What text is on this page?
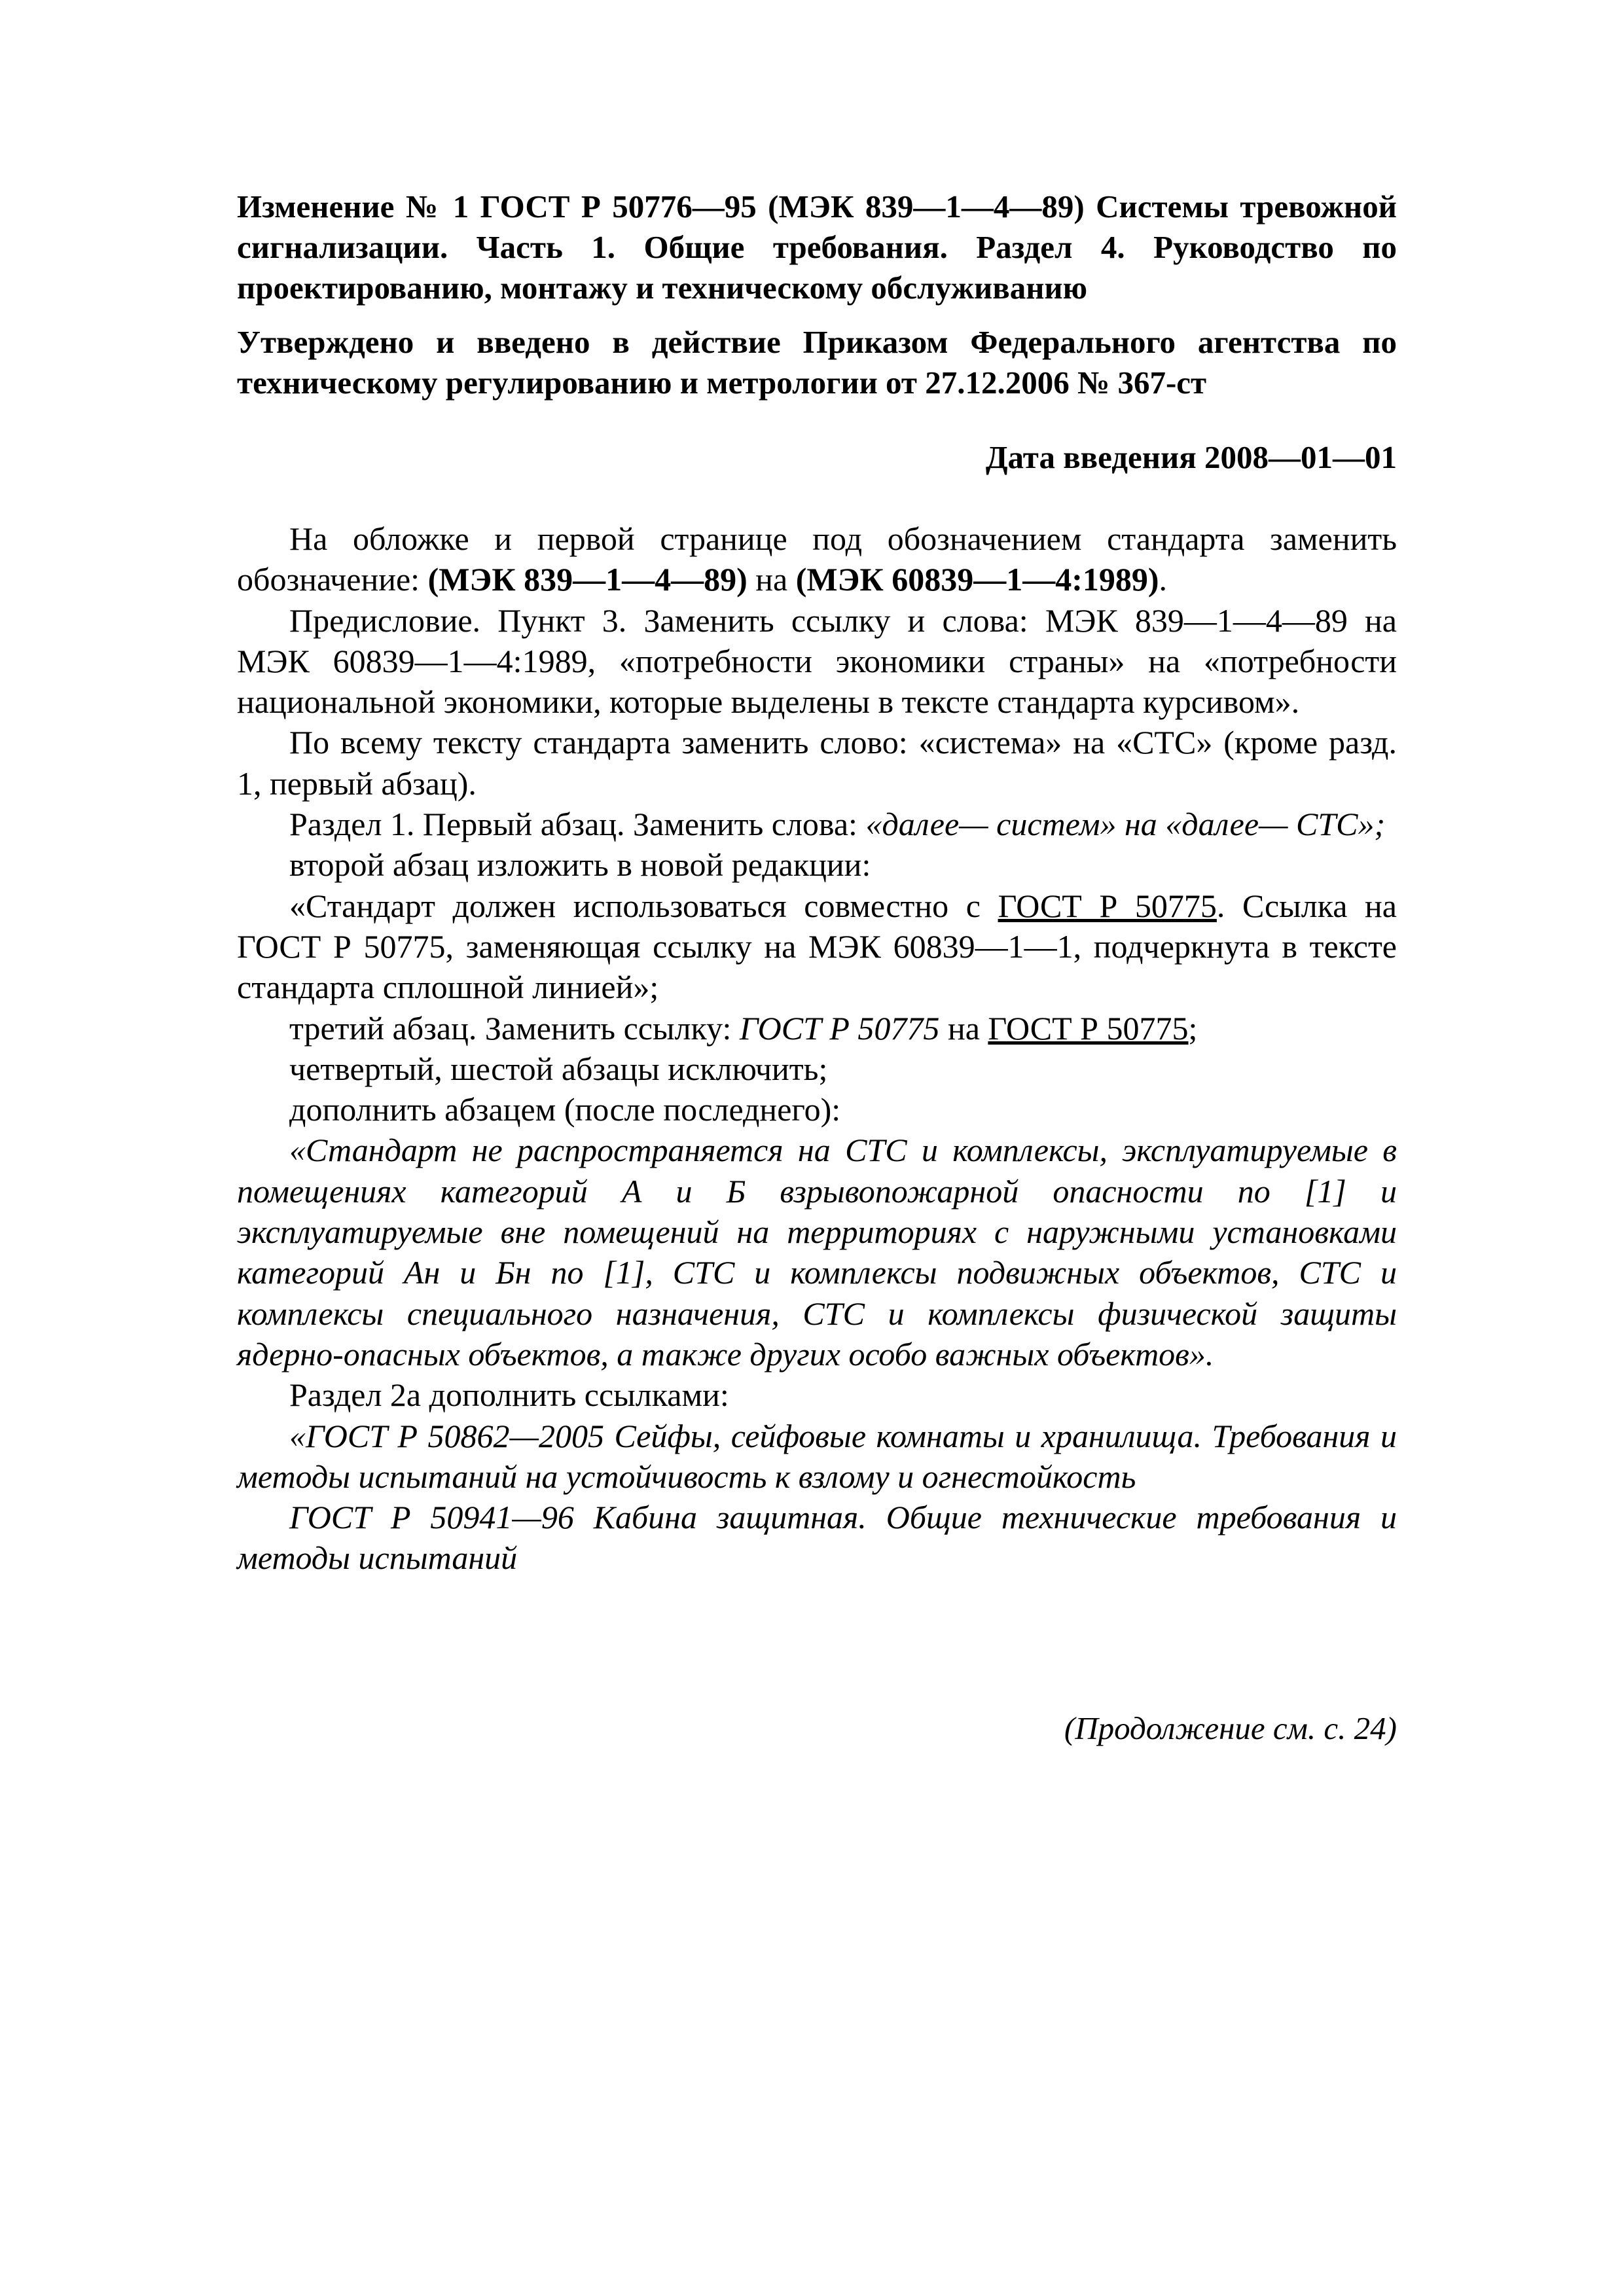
Изменение № 1 ГОСТ Р 50776—95 (МЭК 839—1—4—89) Системы тревожной сигнализации. Часть 1. Общие требования. Раздел 4. Руководство по проектированию, монтажу и техническому обслуживанию
Утверждено и введено в действие Приказом Федерального агентства по техническому регулированию и метрологии от 27.12.2006 № 367-ст
Дата введения 2008—01—01

На обложке и первой странице под обозначением стандарта заменить обозначение: (МЭК 839—1—4—89) на (МЭК 60839—1—4:1989).

Предисловие. Пункт 3. Заменить ссылку и слова: МЭК 839—1—4—89 на МЭК 60839—1—4:1989, «потребности экономики страны» на «потребности национальной экономики, которые выделены в тексте стандарта курсивом».

По всему тексту стандарта заменить слово: «система» на «СТС» (кроме разд. 1, первый абзац).

Раздел 1. Первый абзац. Заменить слова: «далее— систем» на «далее— СТС»;

второй абзац изложить в новой редакции:

«Стандарт должен использоваться совместно с ГОСТ Р 50775. Ссылка на ГОСТ Р 50775, заменяющая ссылку на МЭК 60839—1—1, подчеркнута в тексте стандарта сплошной линией»;

третий абзац. Заменить ссылку: ГОСТ Р 50775 на ГОСТ Р 50775;

четвертый, шестой абзацы исключить;

дополнить абзацем (после последнего):

«Стандарт не распространяется на СТС и комплексы, эксплуатируемые в помещениях категорий А и Б взрывопожарной опасности по [1] и эксплуатируемые вне помещений на территориях с наружными установками категорий Ан и Бн по [1], СТС и комплексы подвижных объектов, СТС и комплексы специального назначения, СТС и комплексы физической защиты ядерно-опасных объектов, а также других особо важных объектов».

Раздел 2а дополнить ссылками:

«ГОСТ Р 50862—2005 Сейфы, сейфовые комнаты и хранилища. Требования и методы испытаний на устойчивость к взлому и огнестойкость

ГОСТ Р 50941—96 Кабина защитная. Общие технические требования и методы испытаний

(Продолжение см. с. 24)
